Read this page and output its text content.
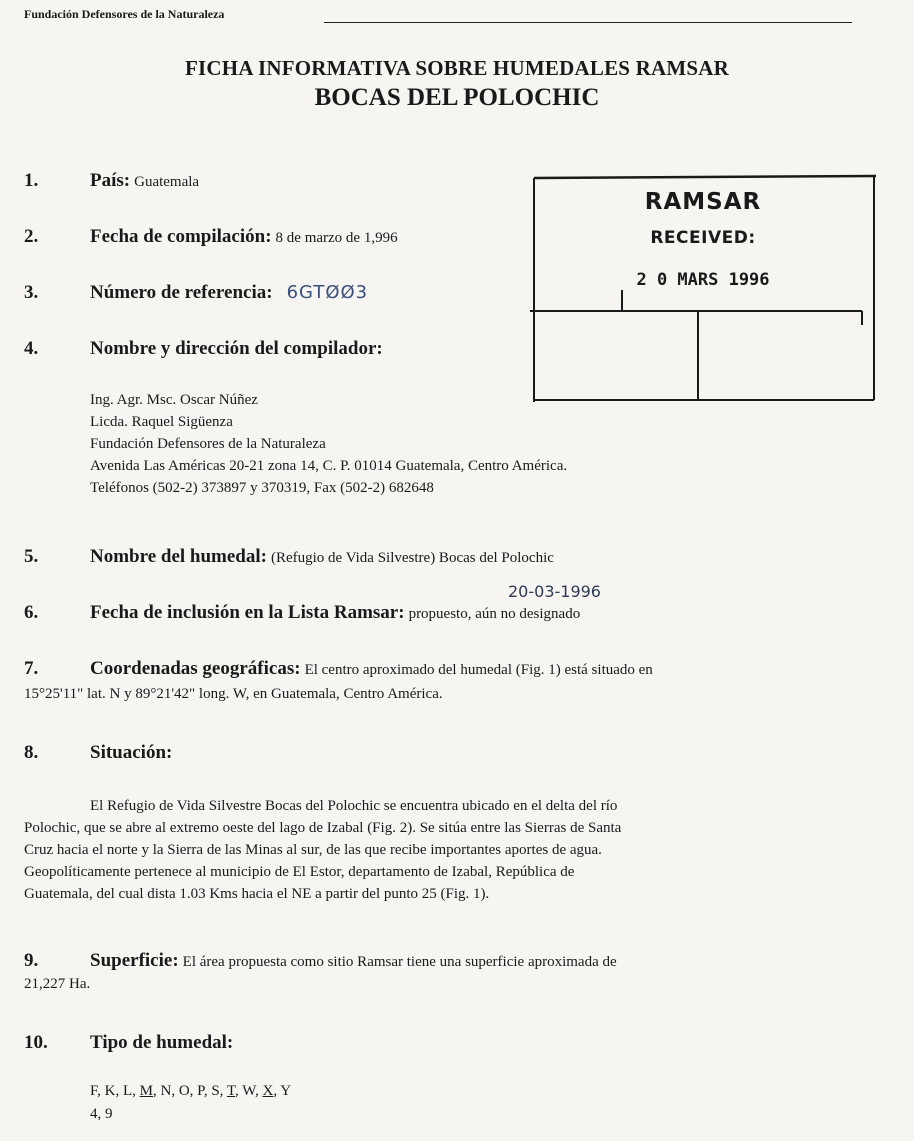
Fundación Defensores de la Naturaleza
FICHA INFORMATIVA SOBRE HUMEDALES RAMSAR
BOCAS DEL POLOCHIC
RAMSAR
RECEIVED:
2 0 MARS 1996
1.	País: Guatemala
2.	Fecha de compilación: 8 de marzo de 1,996
3.	Número de referencia: 6GTØØ3
4.	Nombre y dirección del compilador:
Ing. Agr. Msc. Oscar Núñez
Licda. Raquel Sigüenza
Fundación Defensores de la Naturaleza
Avenida Las Américas 20-21 zona 14, C. P. 01014 Guatemala, Centro América.
Teléfonos (502-2) 373897 y 370319, Fax (502-2) 682648
5.	Nombre del humedal: (Refugio de Vida Silvestre) Bocas del Polochic
20-03-1996
6.	Fecha de inclusión en la Lista Ramsar: propuesto, aún no designado
7.	Coordenadas geográficas: El centro aproximado del humedal (Fig. 1) está situado en
15°25'11" lat. N y 89°21'42" long. W, en Guatemala, Centro América.
8.	Situación:
El Refugio de Vida Silvestre Bocas del Polochic se encuentra ubicado en el delta del río
Polochic, que se abre al extremo oeste del lago de Izabal (Fig. 2). Se sitúa entre las Sierras de Santa
Cruz hacia el norte y la Sierra de las Minas al sur, de las que recibe importantes aportes de agua.
Geopolíticamente pertenece al municipio de El Estor, departamento de Izabal, República de
Guatemala, del cual dista 1.03 Kms hacia el NE a partir del punto 25 (Fig. 1).
9.	Superficie: El área propuesta como sitio Ramsar tiene una superficie aproximada de
21,227 Ha.
10. Tipo de humedal:
F, K, L, M, N, O, P, S, T, W, X, Y
4, 9
